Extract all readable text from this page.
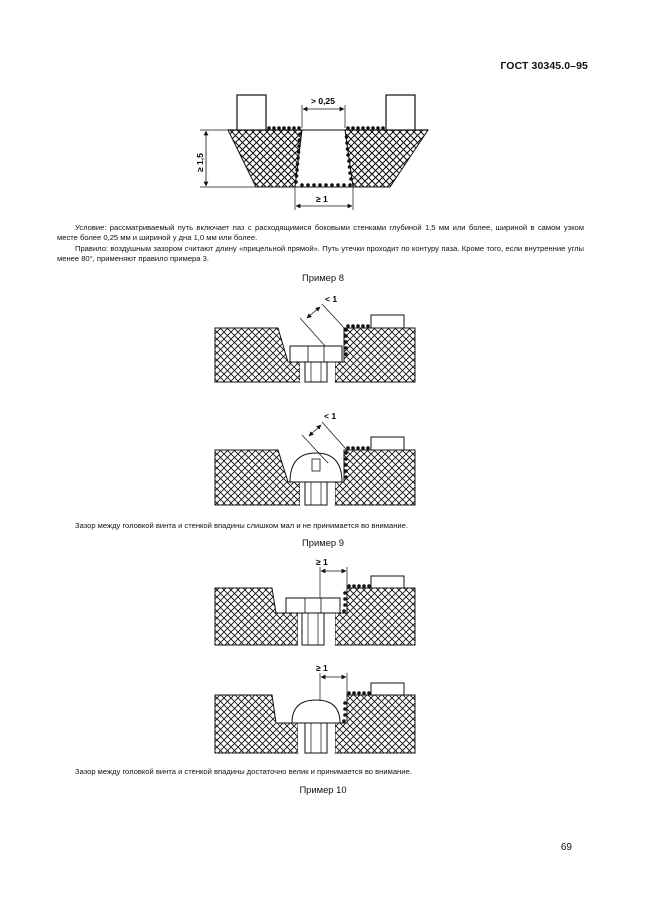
ГОСТ 30345.0–95
> 0,25
≥ 1,5
≥ 1
Условие: рассматриваемый путь включает паз с расходящимися боковыми стенками глубиной 1,5 мм или более, шириной в самом узком месте более 0,25 мм и шириной у дна 1,0 мм или более.
Правило: воздушным зазором считают длину «прицельной прямой». Путь утечки проходит по контуру паза. Кроме того, если внутренние углы менее 80°, применяют правило примера 3.
Пример 8
< 1
< 1
Зазор между головкой винта и стенкой впадины слишком мал и не принимается во внимание.
Пример 9
≥ 1
≥ 1
Зазор между головкой винта и стенкой впадины достаточно велик и принимается во внимание.
Пример 10
69
